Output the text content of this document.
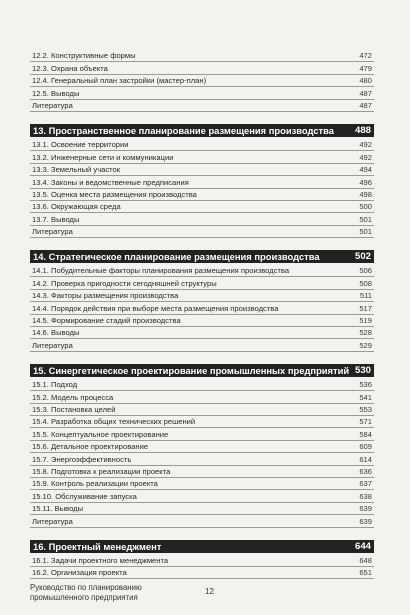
12.2. Конструктивные формы	472
12.3. Охрана объекта	479
12.4. Генеральный план застройки (мастер-план)	480
12.5. Выводы	487
Литература	487
13. Пространственное планирование размещения производства 488
13.1. Освоение территории	492
13.2. Инженерные сети и коммуникации	492
13.3. Земельный участок	494
13.4. Законы и ведомственные предписания	496
13.5. Оценка места размещения производства	498
13.6. Окружающая среда	500
13.7. Выводы	501
Литература	501
14. Стратегическое планирование размещения производства	502
14.1. Побудительные факторы планирования размещения производства	506
14.2. Проверка пригодности сегодняшней структуры	508
14.3. Факторы размещения производства	511
14.4. Порядок действия при выборе места размещения производства	517
14.5. Формирование стадий производства	519
14.6. Выводы	528
Литература	529
15. Синергетическое проектирование промышленных предприятий 530
15.1. Подход	536
15.2. Модель процесса	541
15.3. Постановка целей	553
15.4. Разработка общих технических решений	571
15.5. Концептуальное проектирование	584
15.6. Детальное проектирование	609
15.7. Энергоэффективность	614
15.8. Подготовка к реализации проекта	636
15.9. Контроль реализации проекта	637
15.10. Обслуживание запуска	638
15.11. Выводы	639
Литература	639
16. Проектный менеджмент	644
16.1. Задачи проектного менеджмента	648
16.2. Организация проекта	651
Руководство по планированию
промышленного предприятия
12
